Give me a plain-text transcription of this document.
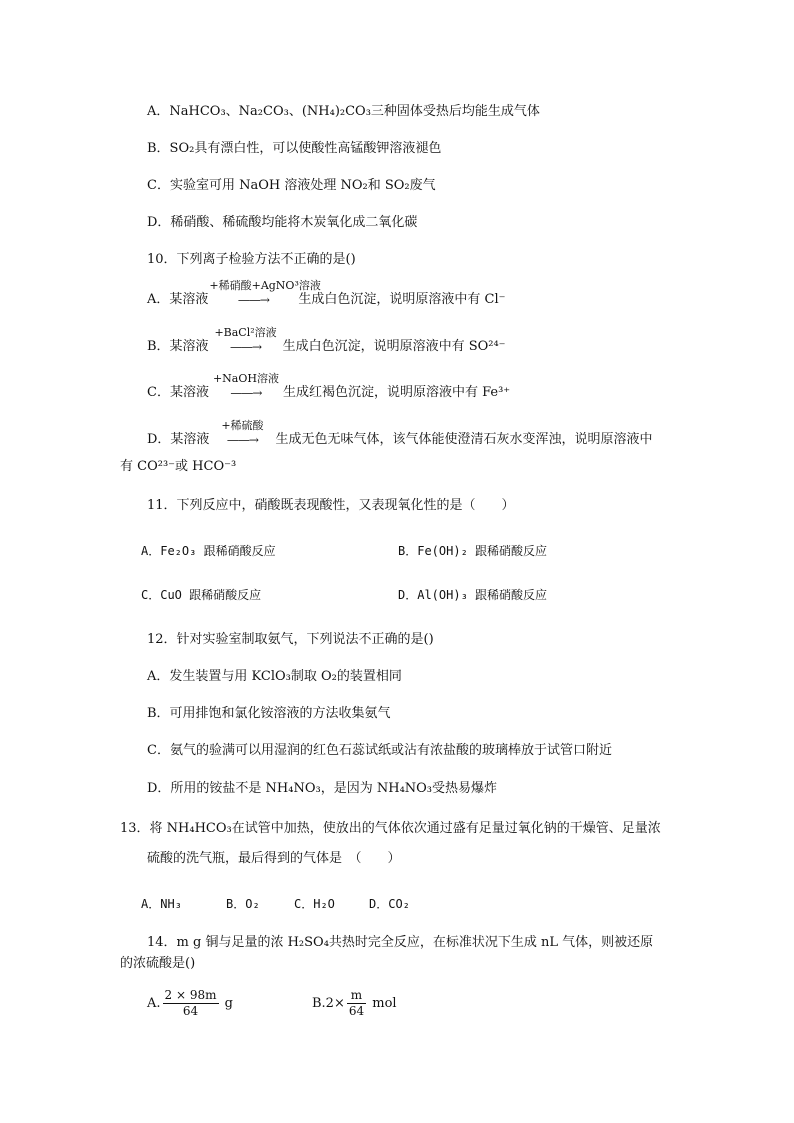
A．NaHCO₃、Na₂CO₃、(NH₄)₂CO₃三种固体受热后均能生成气体
B．SO₂具有漂白性，可以使酸性高锰酸钾溶液褪色
C．实验室可用 NaOH 溶液处理 NO₂和 SO₂废气
D．稀硝酸、稀硫酸均能将木炭氧化成二氧化碳
10．下列离子检验方法不正确的是()
A．某溶液
+稀硝酸+AgNO³溶液
——→ 生成白色沉淀，说明原溶液中有 Cl⁻
B．某溶液
+BaCl²溶液
——→ 生成白色沉淀，说明原溶液中有 SO²⁴⁻
C．某溶液
+NaOH溶液
——→ 生成红褐色沉淀，说明原溶液中有 Fe³⁺
D．某溶液
+稀硫酸
——→ 生成无色无味气体，该气体能使澄清石灰水变浑浊，说明原溶液中
有 CO²³⁻或 HCO⁻³
11．下列反应中，硝酸既表现酸性，又表现氧化性的是（　　）
A．Fe₂O₃ 跟稀硝酸反应	B．Fe(OH)₂ 跟稀硝酸反应
C．CuO 跟稀硝酸反应	D．Al(OH)₃ 跟稀硝酸反应
12．针对实验室制取氨气，下列说法不正确的是()
A．发生装置与用 KClO₃制取 O₂的装置相同
B．可用排饱和氯化铵溶液的方法收集氨气
C．氨气的验满可以用湿润的红色石蕊试纸或沾有浓盐酸的玻璃棒放于试管口附近
D．所用的铵盐不是 NH₄NO₃，是因为 NH₄NO₃受热易爆炸
13．将 NH₄HCO₃在试管中加热，使放出的气体依次通过盛有足量过氧化钠的干燥管、足量浓
硫酸的洗气瓶，最后得到的气体是　（　　）
A．NH₃	B．O₂	C．H₂O	D．CO₂
14．m g 铜与足量的浓 H₂SO₄共热时完全反应，在标准状况下生成 nL 气体，则被还原
的浓硫酸是()
A. $\frac{2 \times 98m}{64}$ g	$B.2\times \frac{m}{64}$ mol
